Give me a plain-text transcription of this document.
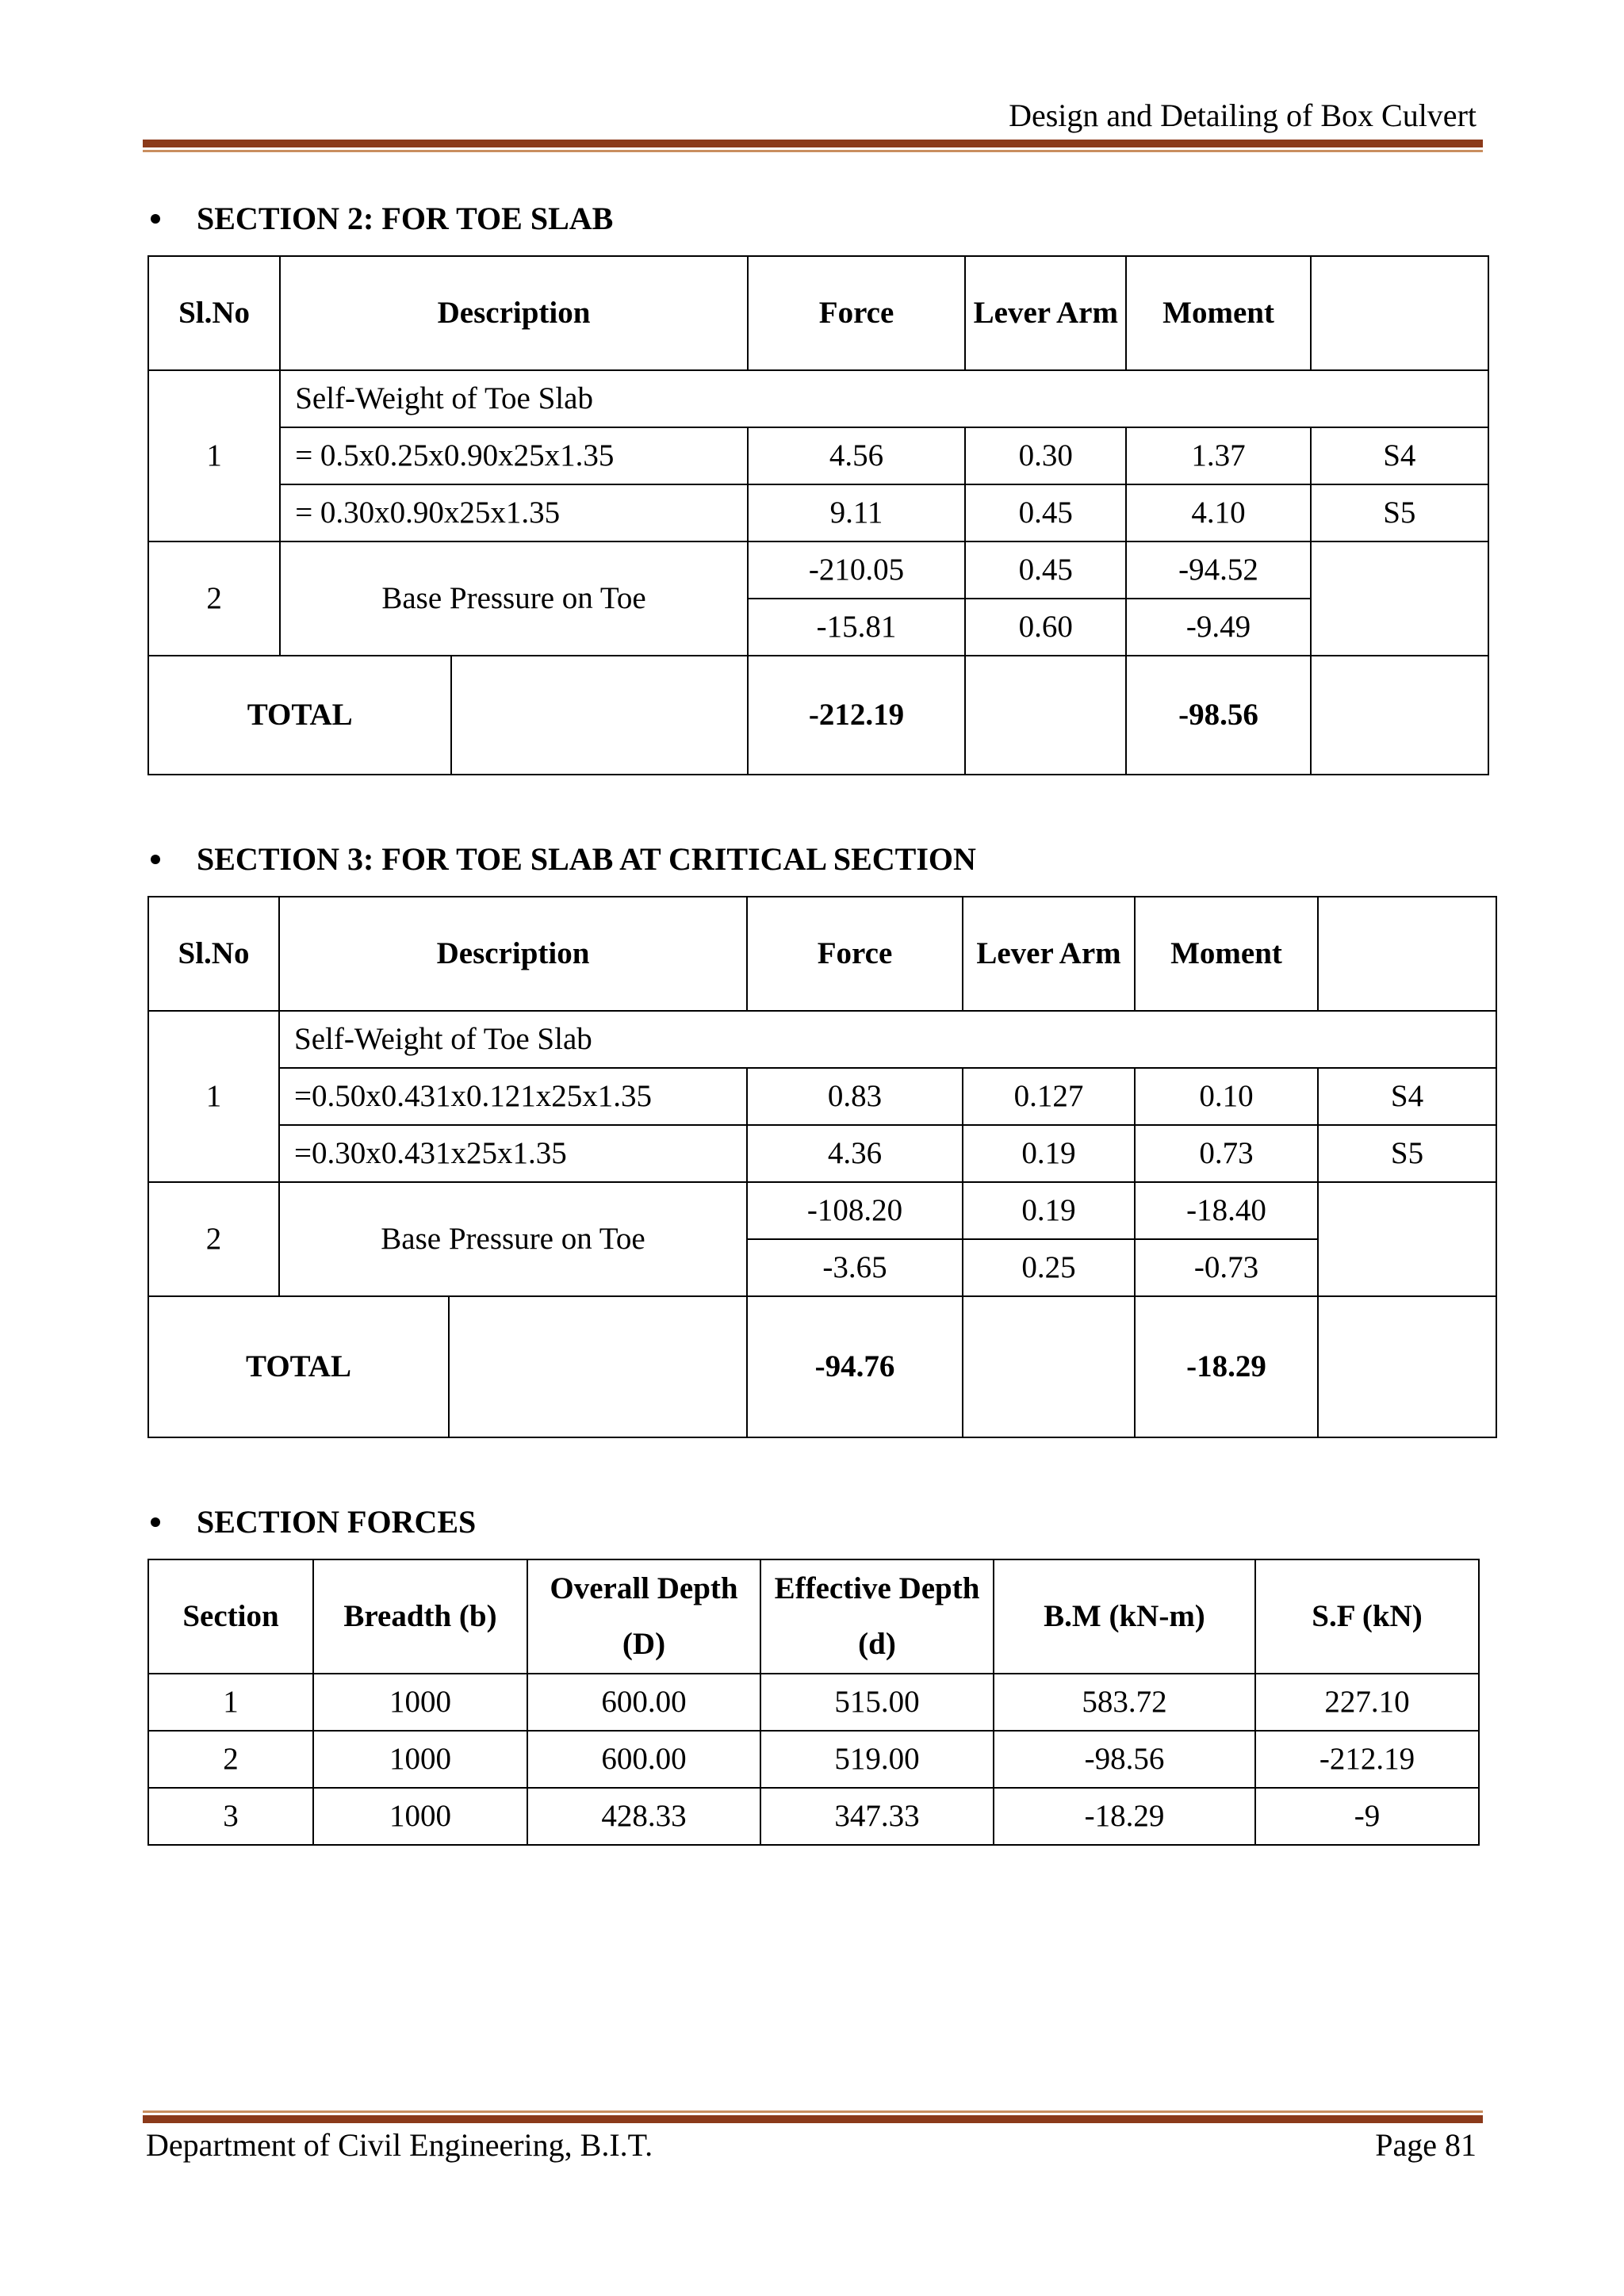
Design and Detailing of Box Culvert
SECTION 2: FOR TOE SLAB
Sl.No	Description		Force	Lever Arm	Moment	
1	Self-Weight of Toe Slab					
	= 0.5x0.25x0.90x25x1.35		4.56	0.30	1.37	S4
	= 0.30x0.90x25x1.35		9.11	0.45	4.10	S5
2	Base Pressure on Toe		-210.05	0.45	-94.52	
			-15.81	0.60	-9.49	
TOTAL			-212.19		-98.56	
SECTION 3: FOR TOE SLAB AT CRITICAL SECTION
Sl.No	Description		Force	Lever Arm	Moment	
1	Self-Weight of Toe Slab					
	=0.50x0.431x0.121x25x1.35		0.83	0.127	0.10	S4
	=0.30x0.431x25x1.35		4.36	0.19	0.73	S5
2	Base Pressure on Toe		-108.20	0.19	-18.40	
			-3.65	0.25	-0.73	
TOTAL			-94.76		-18.29	
SECTION FORCES
Section	Breadth (b)	Overall Depth (D)	Effective Depth (d)	B.M (kN-m)	S.F (kN)
1	1000	600.00	515.00	583.72	227.10
2	1000	600.00	519.00	-98.56	-212.19
3	1000	428.33	347.33	-18.29	-9
Department of Civil Engineering, B.I.T.	Page 81
